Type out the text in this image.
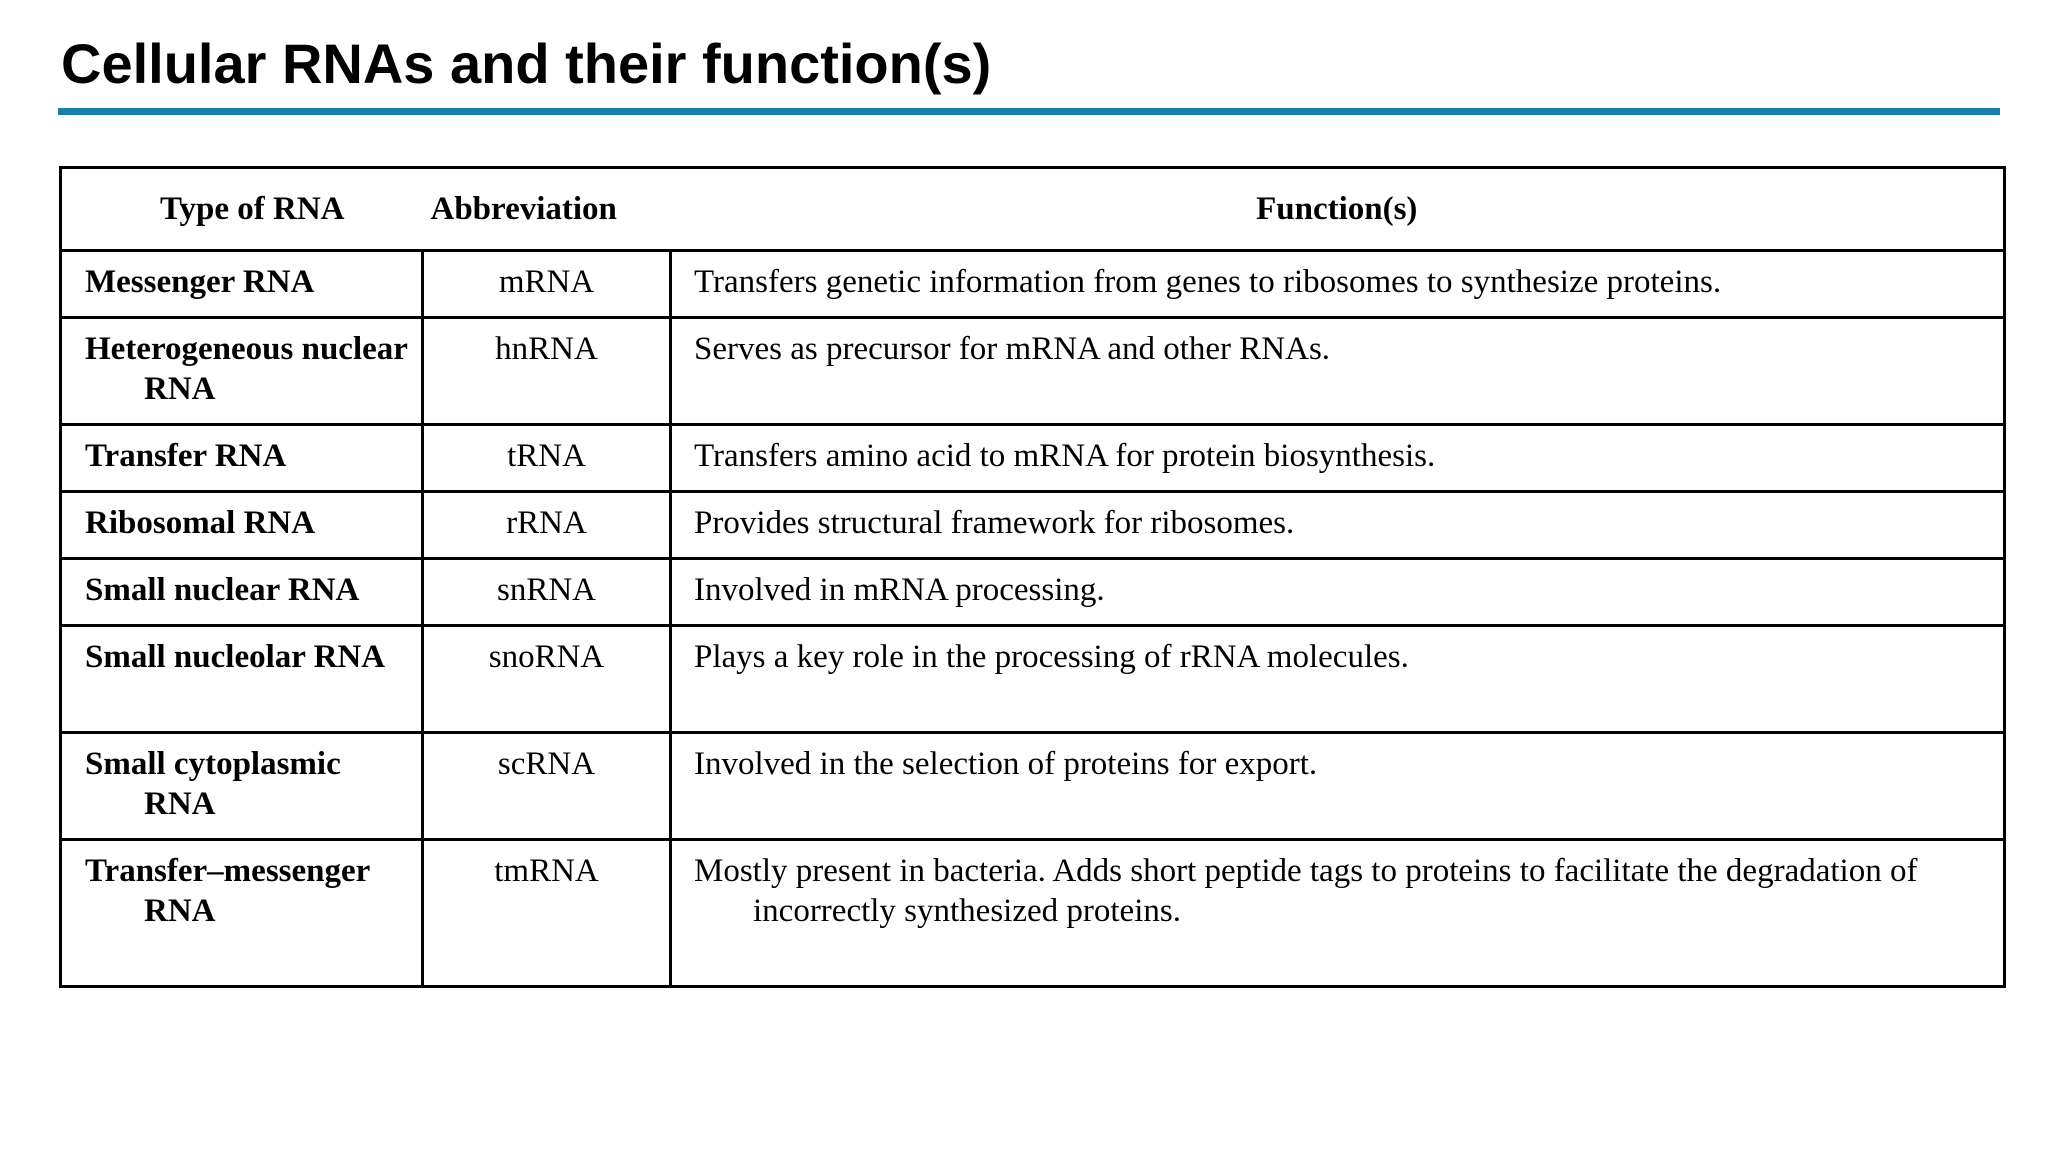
Cellular RNAs and their function(s)
Type of RNA	Abbreviation	Function(s)

Messenger RNA	mRNA	Transfers genetic information from genes to ribosomes to synthesize proteins.

Heterogeneous nuclear RNA	hnRNA	Serves as precursor for mRNA and other RNAs.

Transfer RNA	tRNA	Transfers amino acid to mRNA for protein biosynthesis.

Ribosomal RNA	rRNA	Provides structural framework for ribosomes.

Small nuclear RNA	snRNA	Involved in mRNA processing.

Small nucleolar RNA	snoRNA	Plays a key role in the processing of rRNA molecules.

Small cytoplasmic RNA	scRNA	Involved in the selection of proteins for export.

Transfer–messenger RNA	tmRNA	Mostly present in bacteria. Adds short peptide tags to proteins to facilitate the degradation of incorrectly synthesized proteins.
